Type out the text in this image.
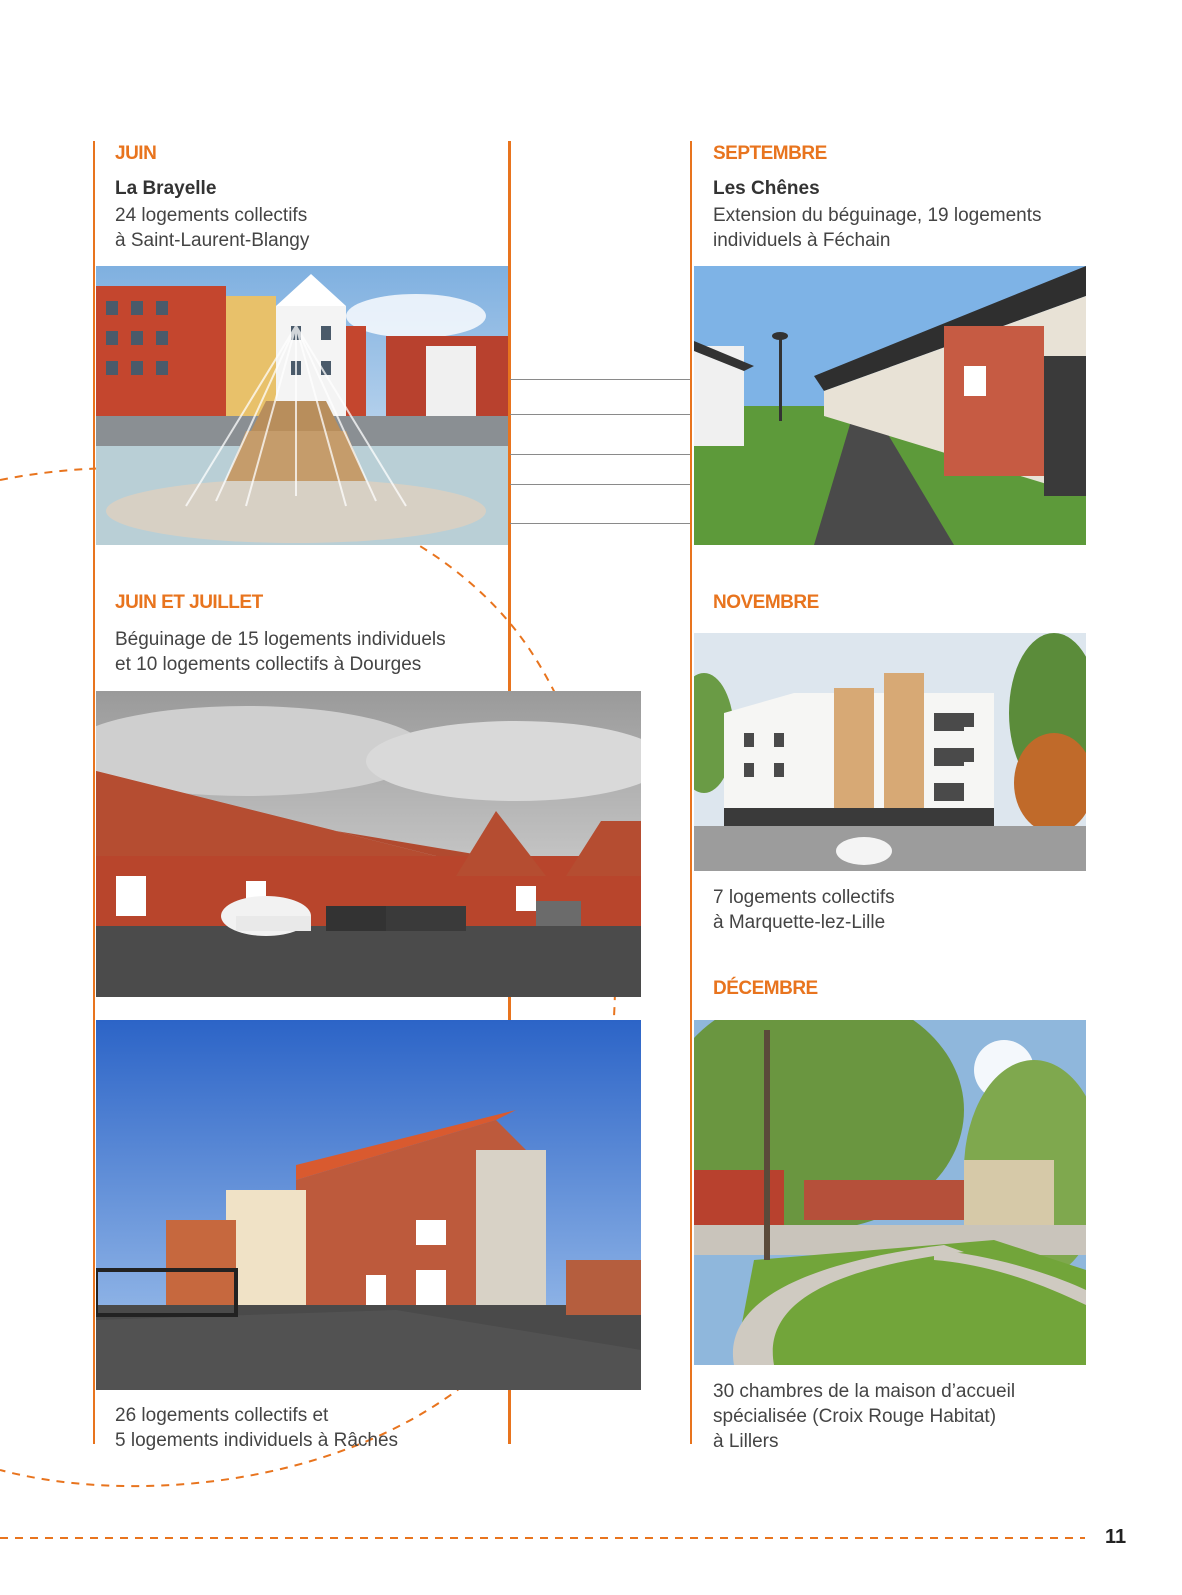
JUIN
La Brayelle
24 logements collectifs
à Saint-Laurent-Blangy
SEPTEMBRE
Les Chênes
Extension du béguinage, 19 logements
individuels à Féchain
JUIN ET JUILLET
Béguinage de 15 logements individuels
et 10 logements collectifs à Dourges
26 logements collectifs et
5 logements individuels à Râches
NOVEMBRE
7 logements collectifs
à Marquette-lez-Lille
DÉCEMBRE
30 chambres de la maison d’accueil
spécialisée (Croix Rouge Habitat)
à Lillers
11
